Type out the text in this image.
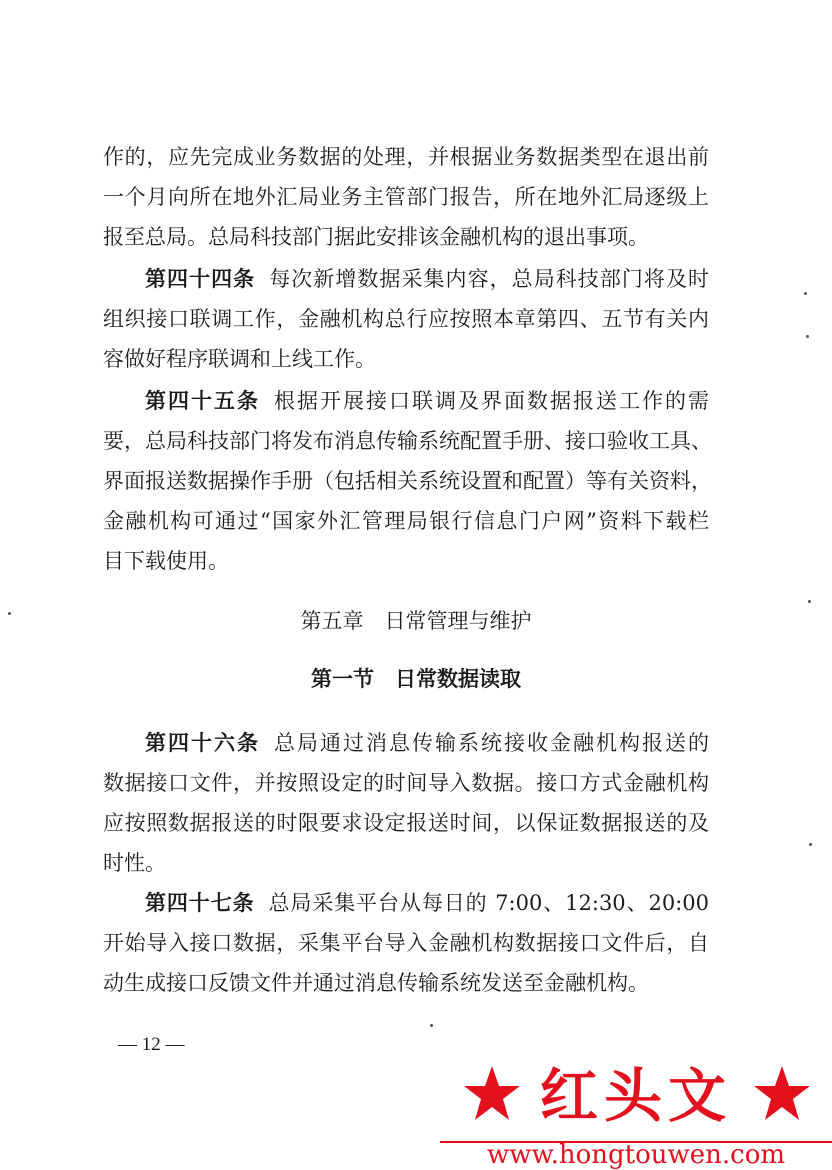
作的，应先完成业务数据的处理，并根据业务数据类型在退出前
一个月向所在地外汇局业务主管部门报告，所在地外汇局逐级上
报至总局。总局科技部门据此安排该金融机构的退出事项。
第四十四条 每次新增数据采集内容，总局科技部门将及时
组织接口联调工作，金融机构总行应按照本章第四、五节有关内
容做好程序联调和上线工作。
第四十五条 根据开展接口联调及界面数据报送工作的需
要，总局科技部门将发布消息传输系统配置手册、接口验收工具、
界面报送数据操作手册（包括相关系统设置和配置）等有关资料，
金融机构可通过“国家外汇管理局银行信息门户网”资料下载栏
目下载使用。
第五章　日常管理与维护
第一节　日常数据读取
第四十六条 总局通过消息传输系统接收金融机构报送的
数据接口文件，并按照设定的时间导入数据。接口方式金融机构
应按照数据报送的时限要求设定报送时间，以保证数据报送的及
时性。
第四十七条 总局采集平台从每日的 7:00、12:30、20:00
开始导入接口数据，采集平台导入金融机构数据接口文件后，自
动生成接口反馈文件并通过消息传输系统发送至金融机构。
— 12 —
红头文
www.hongtouwen.com
